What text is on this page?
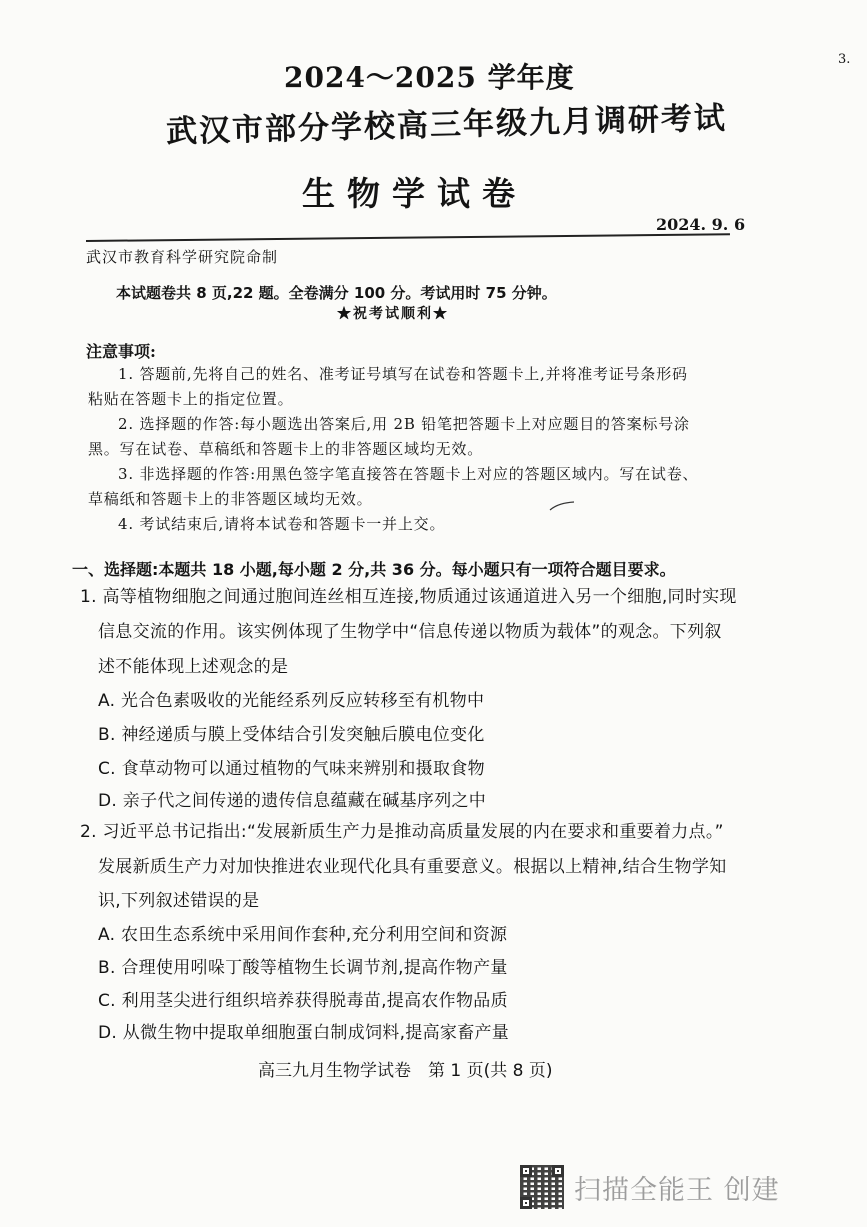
3.
2024～2025 学年度
武汉市部分学校高三年级九月调研考试
生物学试卷
2024. 9. 6
武汉市教育科学研究院命制
本试题卷共 8 页,22 题。全卷满分 100 分。考试用时 75 分钟。
★祝考试顺利★
注意事项:
1. 答题前,先将自己的姓名、准考证号填写在试卷和答题卡上,并将准考证号条形码
粘贴在答题卡上的指定位置。
2. 选择题的作答:每小题选出答案后,用 2B 铅笔把答题卡上对应题目的答案标号涂
黑。写在试卷、草稿纸和答题卡上的非答题区域均无效。
3. 非选择题的作答:用黑色签字笔直接答在答题卡上对应的答题区域内。写在试卷、
草稿纸和答题卡上的非答题区域均无效。
4. 考试结束后,请将本试卷和答题卡一并上交。
一、选择题:本题共 18 小题,每小题 2 分,共 36 分。每小题只有一项符合题目要求。
1. 高等植物细胞之间通过胞间连丝相互连接,物质通过该通道进入另一个细胞,同时实现
信息交流的作用。该实例体现了生物学中“信息传递以物质为载体”的观念。下列叙
述不能体现上述观念的是
A. 光合色素吸收的光能经系列反应转移至有机物中
B. 神经递质与膜上受体结合引发突触后膜电位变化
C. 食草动物可以通过植物的气味来辨别和摄取食物
D. 亲子代之间传递的遗传信息蕴藏在碱基序列之中
2. 习近平总书记指出:“发展新质生产力是推动高质量发展的内在要求和重要着力点。”
发展新质生产力对加快推进农业现代化具有重要意义。根据以上精神,结合生物学知
识,下列叙述错误的是
A. 农田生态系统中采用间作套种,充分利用空间和资源
B. 合理使用吲哚丁酸等植物生长调节剂,提高作物产量
C. 利用茎尖进行组织培养获得脱毒苗,提高农作物品质
D. 从微生物中提取单细胞蛋白制成饲料,提高家畜产量
高三九月生物学试卷　第 1 页(共 8 页)
扫描全能王 创建
